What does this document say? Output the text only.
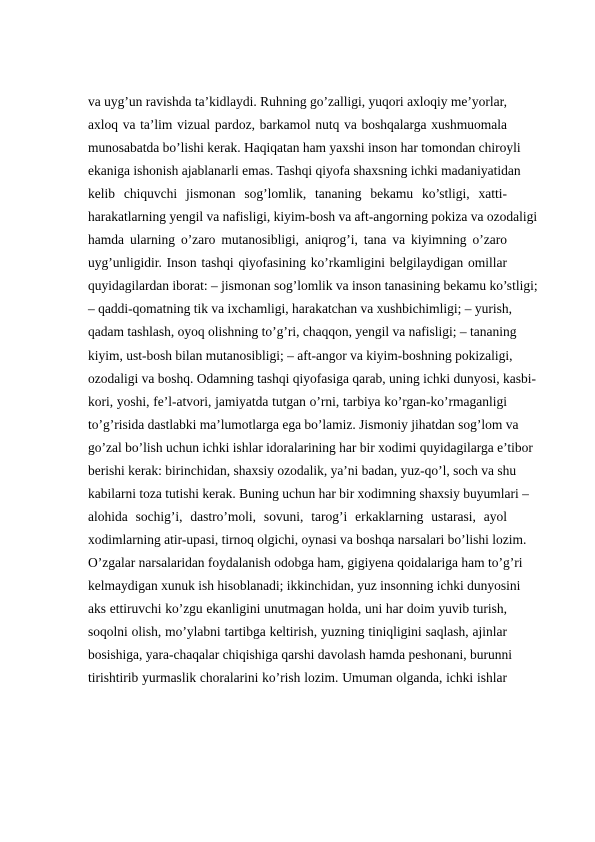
va uyg’un ravishda ta’kidlaydi. Ruhning go’zalligi, yuqori axloqiy me’yorlar,
axloq va ta’lim vizual pardoz, barkamol nutq va boshqalarga xushmuomala
munosabatda bo’lishi kerak. Haqiqatan ham yaxshi inson har tomondan chiroyli
ekaniga ishonish ajablanarli emas. Tashqi qiyofa shaxsning ichki madaniyatidan
kelib chiquvchi jismonan sog’lomlik, tananing bekamu ko’stligi, xatti-
harakatlarning yengil va nafisligi, kiyim-bosh va aft-angorning pokiza va ozodaligi
hamda ularning o’zaro mutanosibligi, aniqrog’i, tana va kiyimning o’zaro
uyg’unligidir. Inson tashqi qiyofasining ko’rkamligini belgilaydigan omillar
quyidagilardan iborat: – jismonan sog’lomlik va inson tanasining bekamu ko’stligi;
– qaddi-qomatning tik va ixchamligi, harakatchan va xushbichimligi; – yurish,
qadam tashlash, oyoq olishning to’g’ri, chaqqon, yengil va nafisligi; – tananing
kiyim, ust-bosh bilan mutanosibligi; – aft-angor va kiyim-boshning pokizaligi,
ozodaligi va boshq. Odamning tashqi qiyofasiga qarab, uning ichki dunyosi, kasbi-
kori, yoshi, fe’l-atvori, jamiyatda tutgan o’rni, tarbiya ko’rgan-ko’rmaganligi
to’g’risida dastlabki ma’lumotlarga ega bo’lamiz. Jismoniy jihatdan sog’lom va
go’zal bo’lish uchun ichki ishlar idoralarining har bir xodimi quyidagilarga e’tibor
berishi kerak: birinchidan, shaxsiy ozodalik, ya’ni badan, yuz-qo’l, soch va shu
kabilarni toza tutishi kerak. Buning uchun har bir xodimning shaxsiy buyumlari –
alohida sochig’i, dastro’moli, sovuni, tarog’i erkaklarning ustarasi, ayol
xodimlarning atir-upasi, tirnoq olgichi, oynasi va boshqa narsalari bo’lishi lozim.
O’zgalar narsalaridan foydalanish odobga ham, gigiyena qoidalariga ham to’g’ri
kelmaydigan xunuk ish hisoblanadi; ikkinchidan, yuz insonning ichki dunyosini
aks ettiruvchi ko’zgu ekanligini unutmagan holda, uni har doim yuvib turish,
soqolni olish, mo’ylabni tartibga keltirish, yuzning tiniqligini saqlash, ajinlar
bosishiga, yara-chaqalar chiqishiga qarshi davolash hamda peshonani, burunni
tirishtirib yurmaslik choralarini ko’rish lozim. Umuman olganda, ichki ishlar
